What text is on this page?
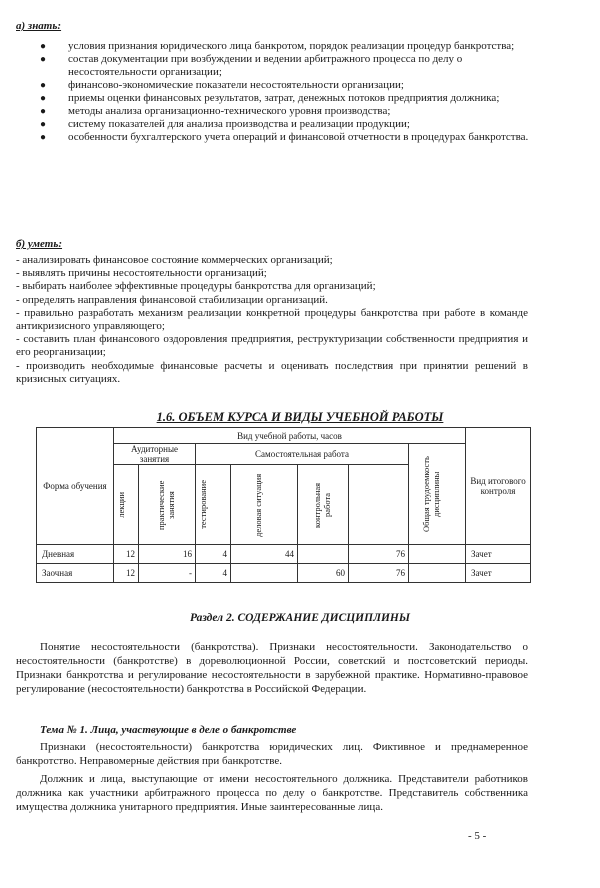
а) знать:
● условия признания юридического лица банкротом, порядок реализации процедур банкротства;
● состав документации при возбуждении и ведении арбитражного процесса по делу о несостоятельности организации;
● финансово-экономические показатели несостоятельности организации;
● приемы оценки финансовых результатов, затрат, денежных потоков предприятия должника;
● методы анализа организационно-технического уровня производства;
● систему показателей для анализа производства и реализации продукции;
● особенности бухгалтерского учета операций и финансовой отчетности в процедурах банкротства.
б) уметь:
- анализировать финансовое состояние коммерческих организаций;
- выявлять причины несостоятельности организаций;
- выбирать наиболее эффективные процедуры банкротства для организаций;
- определять направления финансовой стабилизации организаций.
- правильно разработать механизм реализации конкретной процедуры банкротства при работе в команде антикризисного управляющего;
- составить план финансового оздоровления предприятия, реструктуризации собственности предприятия и его реорганизации;
- производить необходимые финансовые расчеты и оценивать последствия при принятии решений в кризисных ситуациях.
1.6. ОБЪЕМ КУРСА И ВИДЫ УЧЕБНОЙ РАБОТЫ
Форма обучения	Вид учебной работы, часов							Вид итогового контроля
	Аудиторные занятия		Самостоятельная работа				Общая трудоемкость дисциплины	

	лекции	практические занятия	тестирование	деловая ситуация	контрольная работа			

Дневная	12	16	4	44		76		Зачет
Заочная	12	-	4		60	76		Зачет
Раздел 2. СОДЕРЖАНИЕ ДИСЦИПЛИНЫ
Понятие несостоятельности (банкротства). Признаки несостоятельности. Законодательство о несостоятельности (банкротстве) в дореволюционной России, советский и постсоветский периоды. Признаки банкротства и регулирование несостоятельности в зарубежной практике. Нормативно-правовое регулирование (несостоятельности) банкротства в Российской Федерации.
Тема № 1. Лица, участвующие в деле о банкротстве
Признаки (несостоятельности) банкротства юридических лиц. Фиктивное и преднамеренное банкротство. Неправомерные действия при банкротстве.
Должник и лица, выступающие от имени несостоятельного должника. Представители работников должника как участники арбитражного процесса по делу о банкротстве. Представитель собственника имущества должника унитарного предприятия. Иные заинтересованные лица.
- 5 -
